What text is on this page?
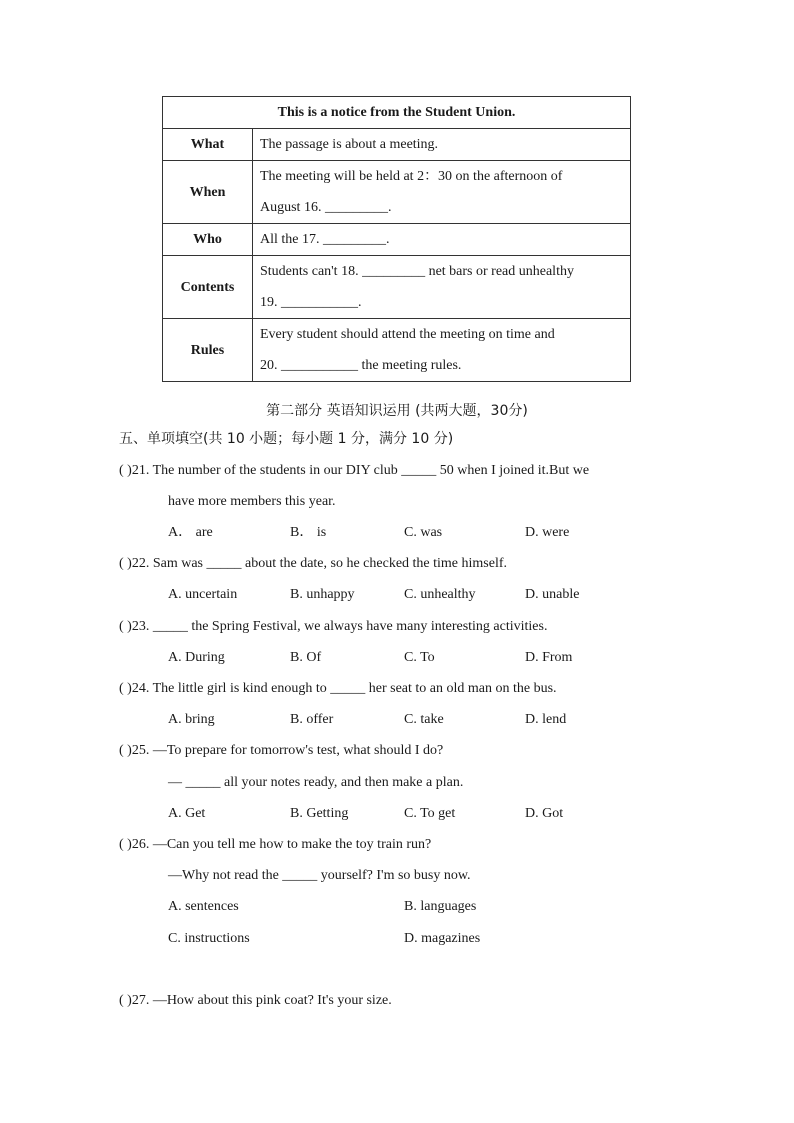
This is a notice from the Student Union.	
What	The passage is about a meeting.

When	The meeting will be held at 2：30 on the afternoon of
August 16. _________.

Who	All the 17. _________.

Contents	Students can't 18. _________ net bars or read unhealthy
19. ___________.

Rules	Every student should attend the meeting on time and
20. ___________ the meeting rules.
第二部分 英语知识运用 (共两大题，30分)
五、单项填空(共 10 小题；每小题 1 分，满分 10 分)
( )21. The number of the students in our DIY club _____ 50 when I joined it.But we
have more members this year.
A． are	B． is	C. was	D. were
( )22. Sam was _____ about the date, so he checked the time himself.
A. uncertain	B. unhappy	C. unhealthy	D. unable
( )23. _____ the Spring Festival, we always have many interesting activities.
A. During	B. Of	C. To	D. From
( )24. The little girl is kind enough to _____ her seat to an old man on the bus.
A. bring	B. offer	C. take	D. lend
( )25. —To prepare for tomorrow's test, what should I do?
— _____ all your notes ready, and then make a plan.
A. Get	B. Getting	C. To get	D. Got
( )26. —Can you tell me how to make the toy train run?
—Why not read the _____ yourself? I'm so busy now.
A. sentences	B. languages
C. instructions	D. magazines
( )27. —How about this pink coat? It's your size.
